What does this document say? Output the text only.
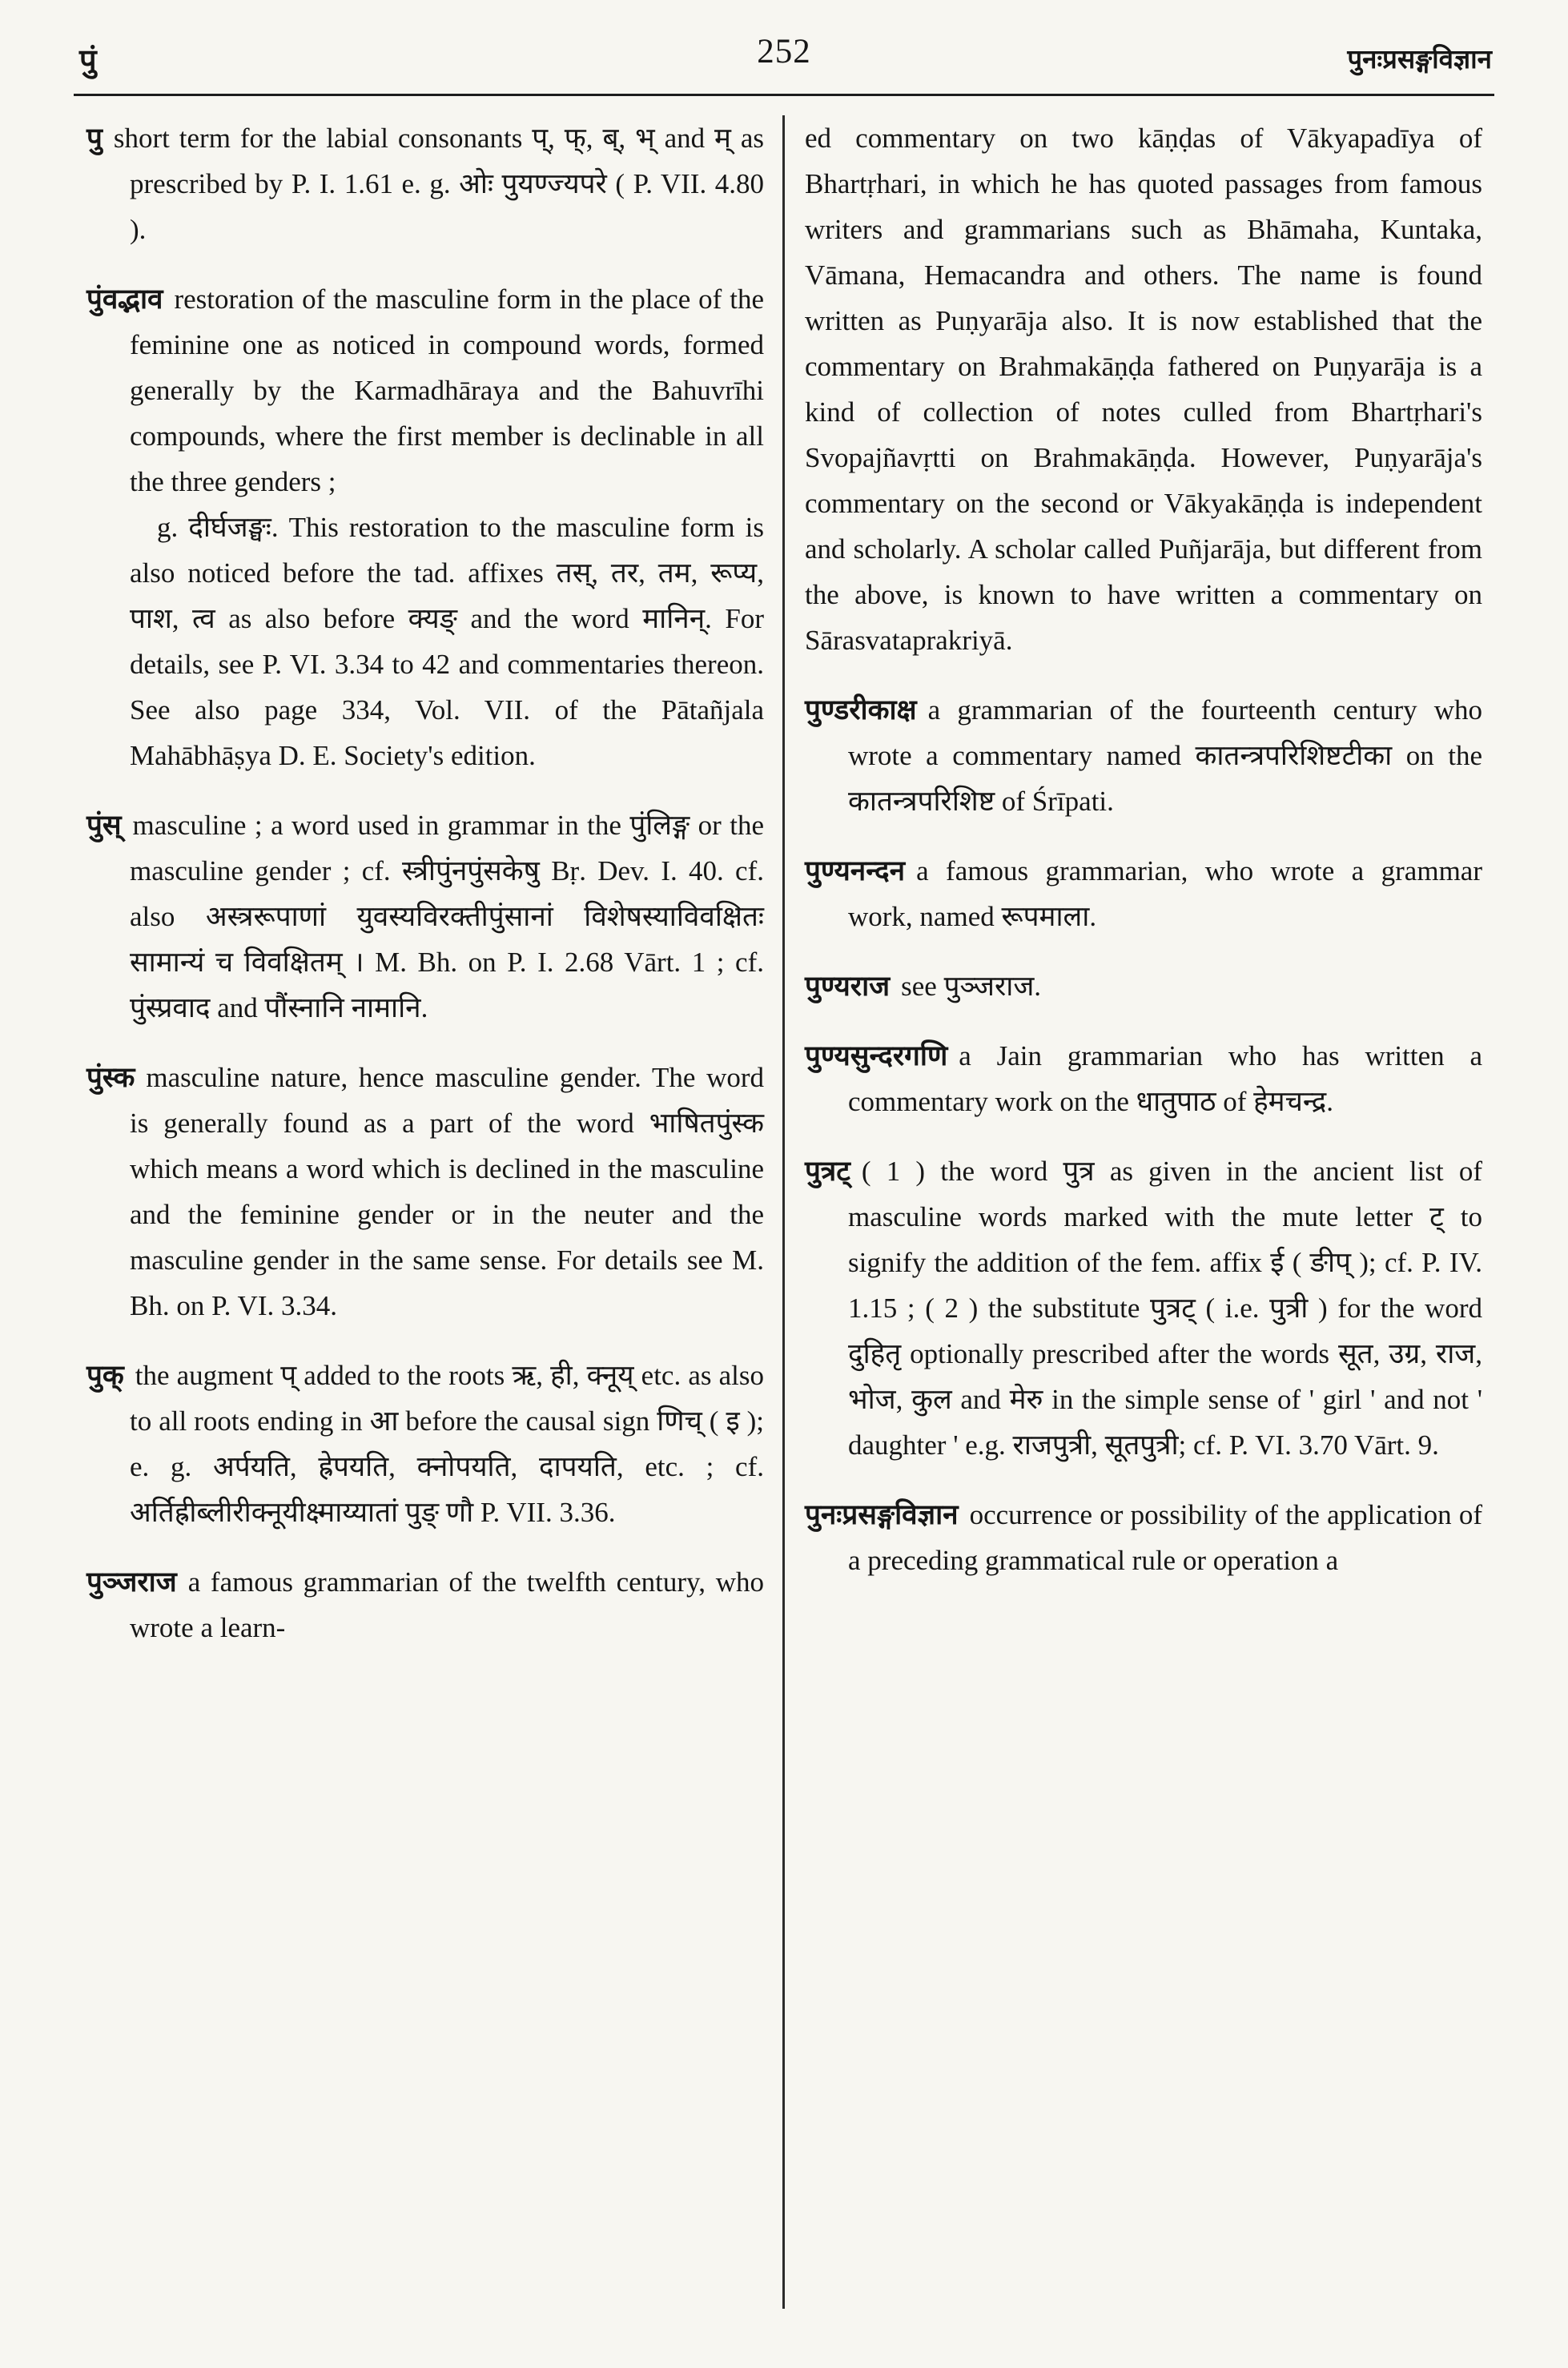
पुं	252	पुनःप्रसङ्गविज्ञान

पु short term for the labial consonants प्, फ्, ब्, भ् and म् as prescribed by P. I. 1.61 e. g. ओः पुयण्ज्यपरे ( P. VII. 4.80 ).

पुंवद्भाव restoration of the masculine form in the place of the feminine one as noticed in compound words, formed generally by the Karmadhāraya and the Bahuvrīhi compounds, where the first member is declinable in all the three genders ;

g. दीर्घजङ्घः. This restoration to the masculine form is also noticed before the tad. affixes तस्, तर, तम, रूप्य, पाश, त्व as also before क्यङ् and the word मानिन्. For details, see P. VI. 3.34 to 42 and commentaries thereon. See also page 334, Vol. VII. of the Pātañjala Mahābhāṣya D. E. Society's edition.

पुंस् masculine ; a word used in grammar in the पुंलिङ्ग or the masculine gender ; cf. स्त्रीपुंनपुंसकेषु Bṛ. Dev. I. 40. cf. also अस्त्ररूपाणां युवस्यविरक्तीपुंसानां विशेषस्याविवक्षितः सामान्यं च विवक्षितम् । M. Bh. on P. I. 2.68 Vārt. 1 ; cf. पुंस्प्रवाद and पौंस्नानि नामानि.

पुंस्क masculine nature, hence masculine gender. The word is generally found as a part of the word भाषितपुंस्क which means a word which is declined in the masculine and the feminine gender or in the neuter and the masculine gender in the same sense. For details see M. Bh. on P. VI. 3.34.

पुक् the augment प् added to the roots ऋ, ही, क्नूय् etc. as also to all roots ending in आ before the causal sign णिच् ( इ ); e. g. अर्पयति, ह्रेपयति, क्नोपयति, दापयति, etc. ; cf. अर्तिह्रीब्लीरीक्नूयीक्ष्माय्यातां पुङ् णौ P. VII. 3.36.

पुञ्जराज a famous grammarian of the twelfth century, who wrote a learn-

ed commentary on two kāṇḍas of Vākyapadīya of Bhartṛhari, in which he has quoted passages from famous writers and grammarians such as Bhāmaha, Kuntaka, Vāmana, Hemacandra and others. The name is found written as Puṇyarāja also. It is now established that the commentary on Brahmakāṇḍa fathered on Puṇyarāja is a kind of collection of notes culled from Bhartṛhari's Svopajñavṛtti on Brahmakāṇḍa. However, Puṇyarāja's commentary on the second or Vākyakāṇḍa is independent and scholarly. A scholar called Puñjarāja, but different from the above, is known to have written a commentary on Sārasvataprakriyā.

पुण्डरीकाक्ष a grammarian of the fourteenth century who wrote a commentary named कातन्त्रपरिशिष्टटीका on the कातन्त्रपरिशिष्ट of Śrīpati.

पुण्यनन्दन a famous grammarian, who wrote a grammar work, named रूपमाला.

पुण्यराज see पुञ्जराज.

पुण्यसुन्दरगणि a Jain grammarian who has written a commentary work on the धातुपाठ of हेमचन्द्र.

पुत्रट् ( 1 ) the word पुत्र as given in the ancient list of masculine words marked with the mute letter ट् to signify the addition of the fem. affix ई ( ङीप् ); cf. P. IV. 1.15 ; ( 2 ) the substitute पुत्रट् ( i.e. पुत्री ) for the word दुहितृ optionally prescribed after the words सूत, उग्र, राज, भोज, कुल and मेरु in the simple sense of ' girl ' and not ' daughter ' e.g. राजपुत्री, सूतपुत्री; cf. P. VI. 3.70 Vārt. 9.

पुनःप्रसङ्गविज्ञान occurrence or possibility of the application of a preceding grammatical rule or operation a
